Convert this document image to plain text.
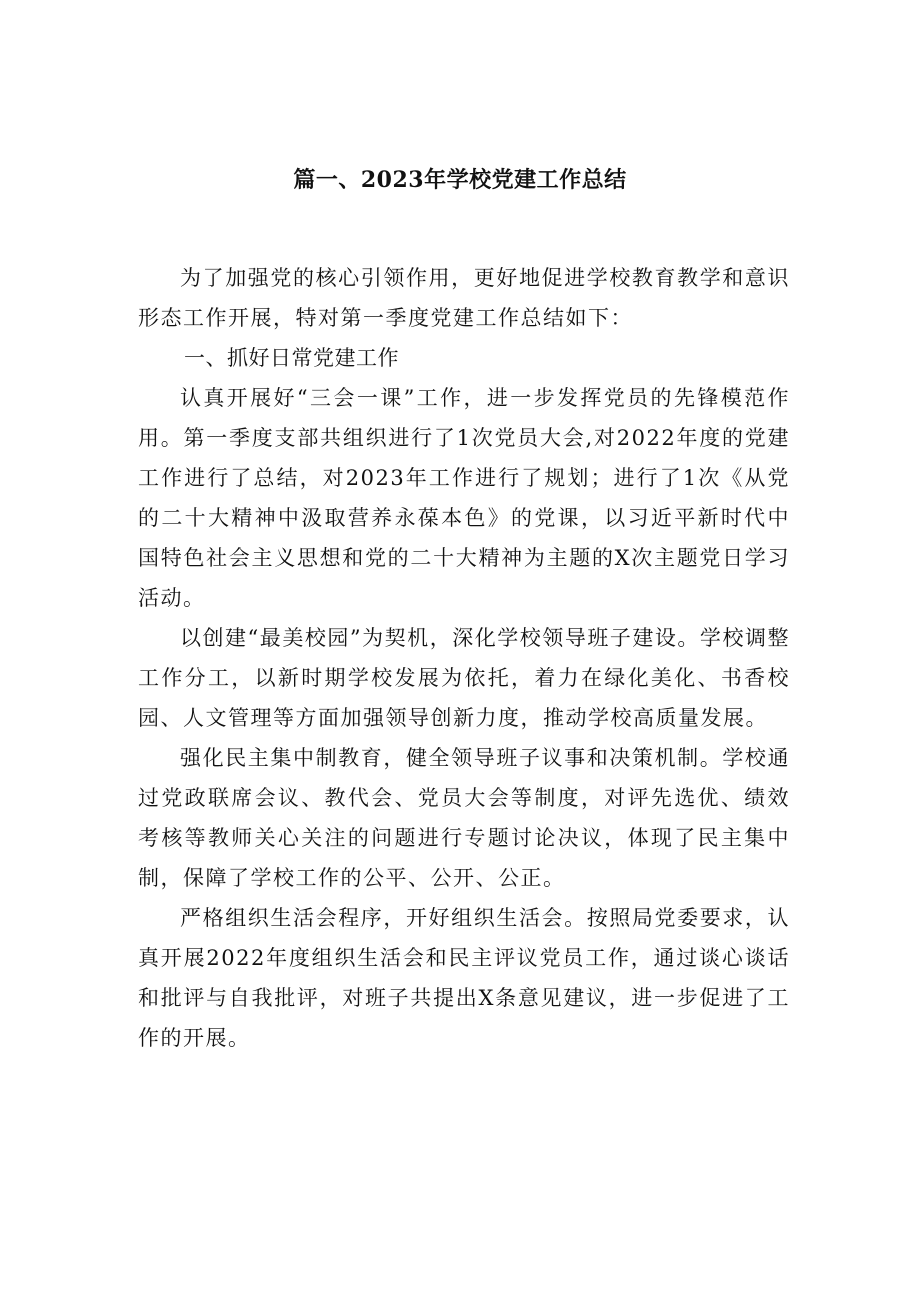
篇一、2023年学校党建工作总结

为了加强党的核心引领作用，更好地促进学校教育教学和意识形态工作开展，特对第一季度党建工作总结如下：

一、抓好日常党建工作

认真开展好“三会一课”工作，进一步发挥党员的先锋模范作用。第一季度支部共组织进行了1次党员大会,对2022年度的党建工作进行了总结，对2023年工作进行了规划；进行了1次《从党的二十大精神中汲取营养永葆本色》的党课，以习近平新时代中国特色社会主义思想和党的二十大精神为主题的X次主题党日学习活动。

以创建“最美校园”为契机，深化学校领导班子建设。学校调整工作分工，以新时期学校发展为依托，着力在绿化美化、书香校园、人文管理等方面加强领导创新力度，推动学校高质量发展。

强化民主集中制教育，健全领导班子议事和决策机制。学校通过党政联席会议、教代会、党员大会等制度，对评先选优、绩效考核等教师关心关注的问题进行专题讨论决议，体现了民主集中制，保障了学校工作的公平、公开、公正。

严格组织生活会程序，开好组织生活会。按照局党委要求，认真开展2022年度组织生活会和民主评议党员工作，通过谈心谈话和批评与自我批评，对班子共提出X条意见建议，进一步促进了工作的开展。
